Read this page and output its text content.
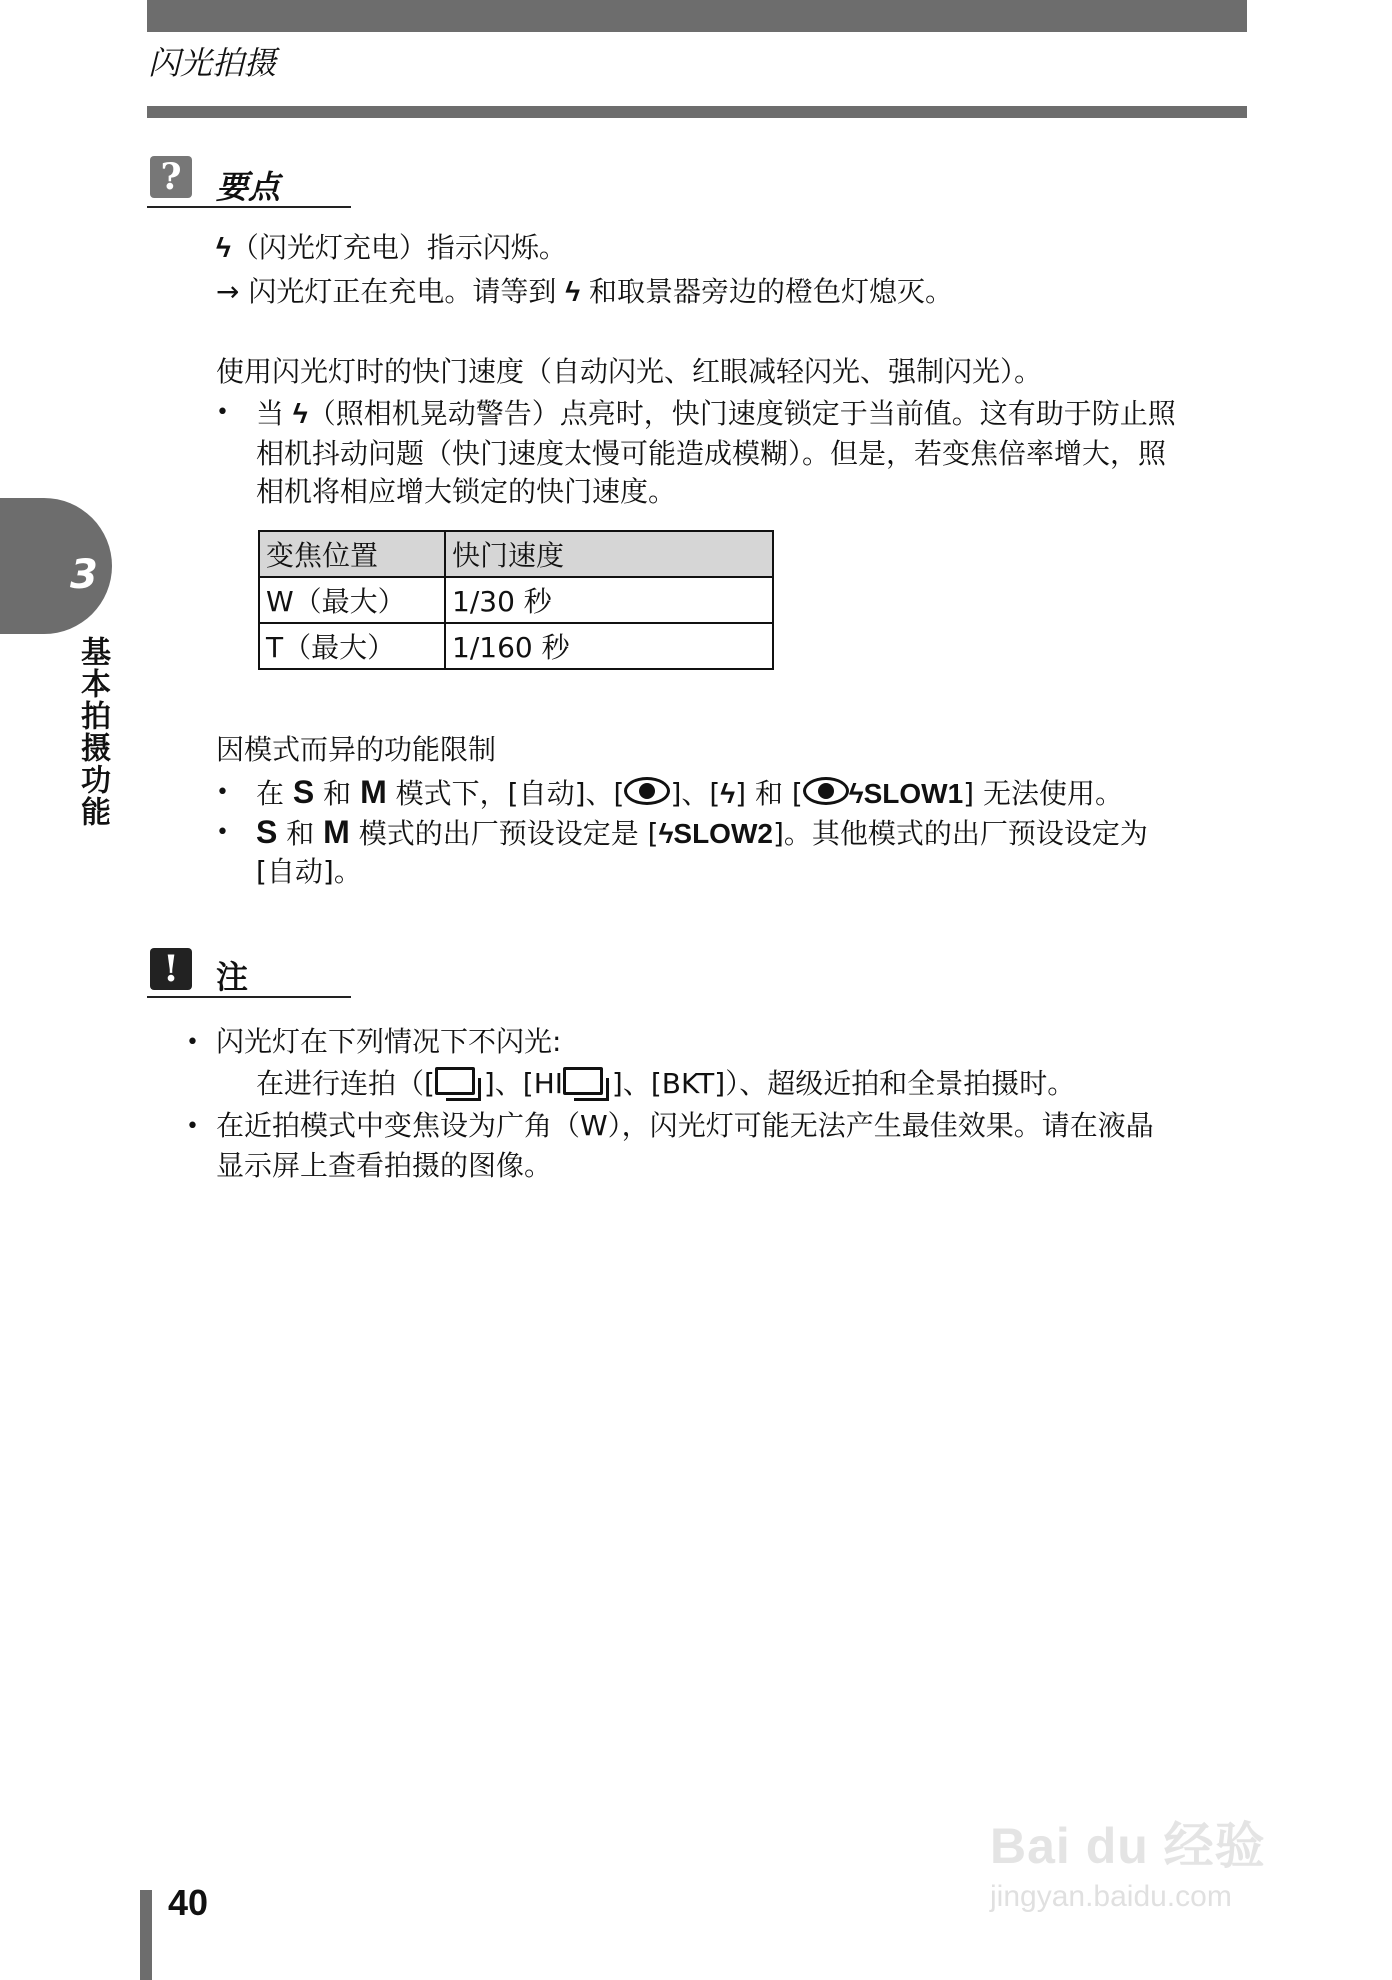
闪光拍摄
3
基本拍摄功能
?	要点
ϟ（闪光灯充电）指示闪烁。
→ 闪光灯正在充电。请等到 ϟ 和取景器旁边的橙色灯熄灭。
使用闪光灯时的快门速度（自动闪光、红眼减轻闪光、强制闪光）。
• 当 ϟ（照相机晃动警告）点亮时，快门速度锁定于当前值。这有助于防止照
相机抖动问题（快门速度太慢可能造成模糊）。但是，若变焦倍率增大，照
相机将相应增大锁定的快门速度。
变焦位置	快门速度
W（最大）	1/30 秒
T（最大）	1/160 秒
因模式而异的功能限制
• 在 S 和 M 模式下，[自动]、[ ]、[ϟ] 和 [ ϟSLOW1] 无法使用。
• S 和 M 模式的出厂预设设定是 [ϟSLOW2]。其他模式的出厂预设设定为
[自动]。
!	注
• 闪光灯在下列情况下不闪光:
在进行连拍（[ ]、[HI ]、[BKT]）、超级近拍和全景拍摄时。
• 在近拍模式中变焦设为广角（W），闪光灯可能无法产生最佳效果。请在液晶
显示屏上查看拍摄的图像。
40
Bai du 经验
jingyan.baidu.com
